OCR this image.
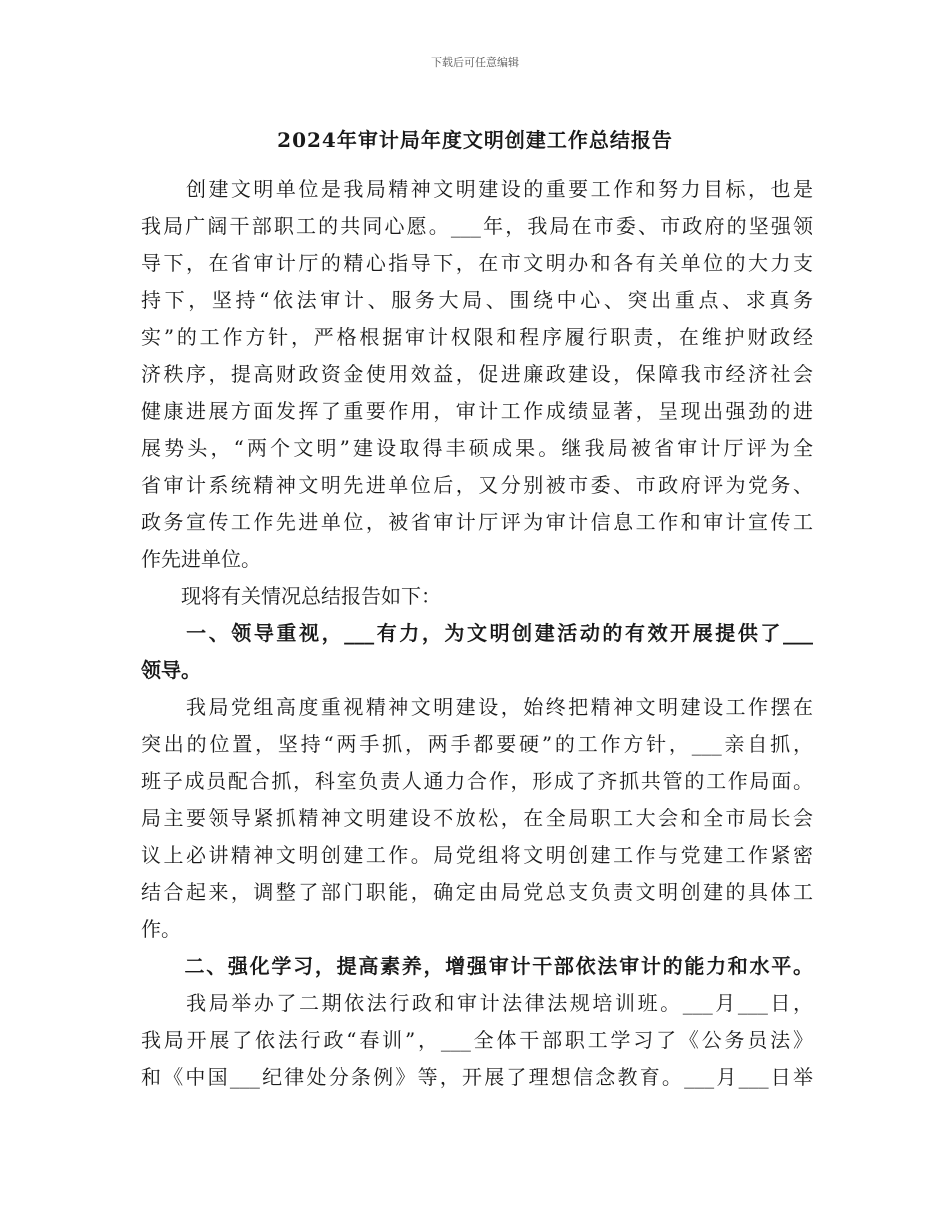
下载后可任意编辑
2024年审计局年度文明创建工作总结报告
　　创建文明单位是我局精神文明建设的重要工作和努力目标，也是
我局广阔干部职工的共同心愿。___年，我局在市委、市政府的坚强领
导下，在省审计厅的精心指导下，在市文明办和各有关单位的大力支
持下，坚持“依法审计、服务大局、围绕中心、突出重点、求真务
实”的工作方针，严格根据审计权限和程序履行职责，在维护财政经
济秩序，提高财政资金使用效益，促进廉政建设，保障我市经济社会
健康进展方面发挥了重要作用，审计工作成绩显著，呈现出强劲的进
展势头，“两个文明”建设取得丰硕成果。继我局被省审计厅评为全
省审计系统精神文明先进单位后，又分别被市委、市政府评为党务、
政务宣传工作先进单位，被省审计厅评为审计信息工作和审计宣传工
作先进单位。
　　现将有关情况总结报告如下：
　　一、领导重视，___有力，为文明创建活动的有效开展提供了___
领导。
　　我局党组高度重视精神文明建设，始终把精神文明建设工作摆在
突出的位置，坚持“两手抓，两手都要硬”的工作方针，___亲自抓，
班子成员配合抓，科室负责人通力合作，形成了齐抓共管的工作局面。
局主要领导紧抓精神文明建设不放松，在全局职工大会和全市局长会
议上必讲精神文明创建工作。局党组将文明创建工作与党建工作紧密
结合起来，调整了部门职能，确定由局党总支负责文明创建的具体工
作。
　　二、强化学习，提高素养，增强审计干部依法审计的能力和水平。
　　我局举办了二期依法行政和审计法律法规培训班。___月___日，
我局开展了依法行政“春训”，___全体干部职工学习了《公务员法》
和《中国___纪律处分条例》等，开展了理想信念教育。___月___日举
